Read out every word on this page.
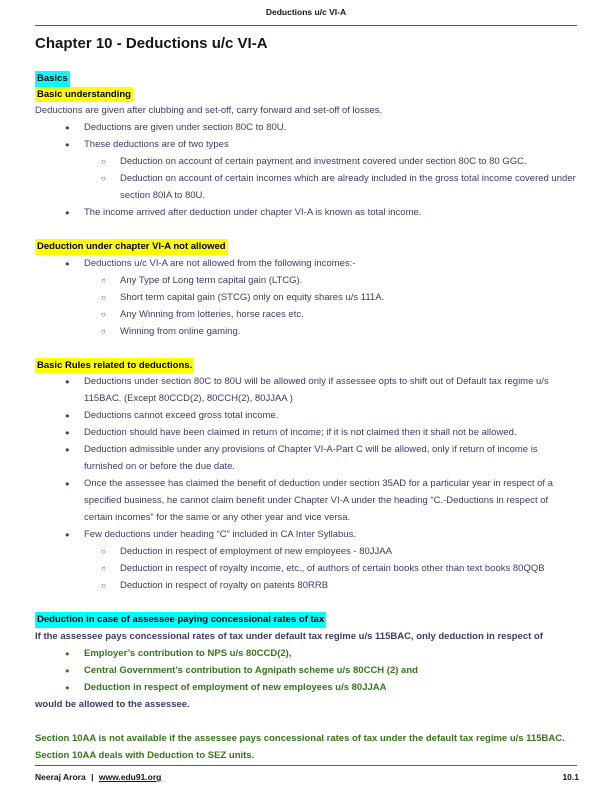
Deductions u/c VI-A
Chapter 10 - Deductions u/c VI-A
Basics
Basic understanding

Deductions are given after clubbing and set-off, carry forward and set-off of losses.

●	Deductions are given under section 80C to 80U.
●	These deductions are of two types
○	Deduction on account of certain payment and investment covered under section 80C to 80 GGC.
○	Deduction on account of certain incomes which are already included in the gross total income covered under section 80IA to 80U.
●	The income arrived after deduction under chapter VI-A is known as total income.
Deduction under chapter VI-A not allowed
●	Deductions u/c VI-A are not allowed from the following incomes:-
○	Any Type of Long term capital gain (LTCG).
○	Short term capital gain (STCG) only on equity shares u/s 111A.
○	Any Winning from lotteries, horse races etc.
○	Winning from online gaming.
Basic Rules related to deductions.
●	Deductions under section 80C to 80U will be allowed only if assessee opts to shift out of Default tax regime u/s 115BAC. (Except 80CCD(2), 80CCH(2), 80JJAA )
●	Deductions cannot exceed gross total income.
●	Deduction should have been claimed in return of income; if it is not claimed then it shall not be allowed.
●	Deduction admissible under any provisions of Chapter VI-A-Part C will be allowed, only if return of income is furnished on or before the due date.
●	Once the assessee has claimed the benefit of deduction under section 35AD for a particular year in respect of a specified business, he cannot claim benefit under Chapter VI-A under the heading “C.-Deductions in respect of certain incomes” for the same or any other year and vice versa.
●	Few deductions under heading “C” included in CA Inter Syllabus.
○	Deduction in respect of employment of new employees - 80JJAA
○	Deduction in respect of royalty income, etc., of authors of certain books other than text books 80QQB
○	Deduction in respect of royalty on patents 80RRB
Deduction in case of assessee paying concessional rates of tax

If the assessee pays concessional rates of tax under default tax regime u/s 115BAC, only deduction in respect of

●	Employer’s contribution to NPS u/s 80CCD(2),
●	Central Government’s contribution to Agnipath scheme u/s 80CCH (2) and
●	Deduction in respect of employment of new employees u/s 80JJAA

would be allowed to the assessee.

Section 10AA is not available if the assessee pays concessional rates of tax under the default tax regime u/s 115BAC. Section 10AA deals with Deduction to SEZ units.

Neeraj Arora | www.edu91.org	10.1
